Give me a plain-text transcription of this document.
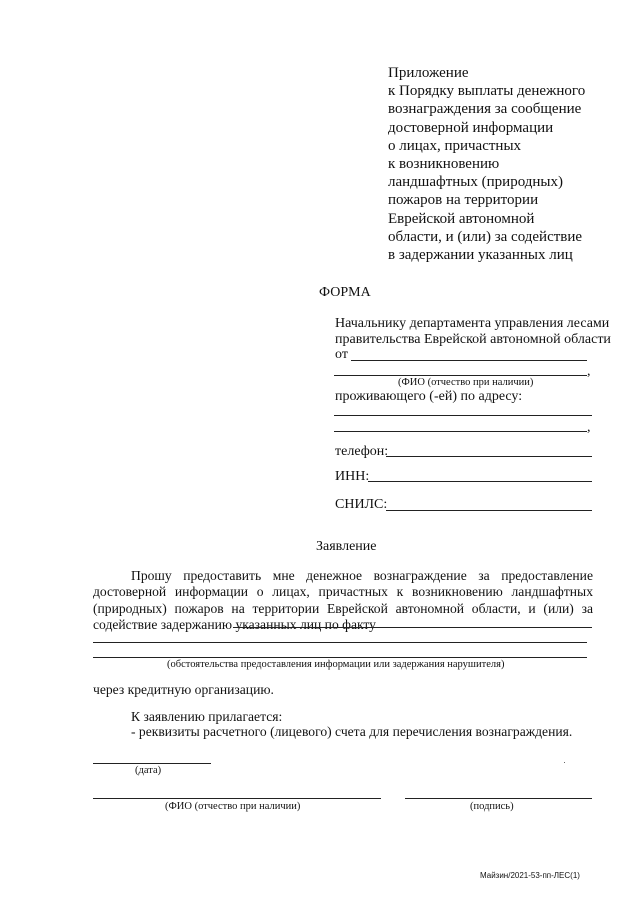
Приложение
к Порядку выплаты денежного
вознаграждения за сообщение
достоверной информации
о лицах, причастных
к возникновению
ландшафтных (природных)
пожаров на территории
Еврейской автономной
области, и (или) за содействие
в задержании указанных лиц
ФОРМА
Начальнику департамента управления лесами
правительства Еврейской автономной области
от
,
(ФИО (отчество при наличии)
проживающего (-ей) по адресу:
,
телефон:
ИНН:
СНИЛС:
Заявление

Прошу предоставить мне денежное вознаграждение за предоставление достоверной информации о лицах, причастных к возникновению ландшафтных (природных) пожаров на территории Еврейской автономной области, и (или) за содействие задержанию указанных лиц по факту

(обстоятельства предоставления информации или задержания нарушителя)
через кредитную организацию.
К заявлению прилагается:
- реквизиты расчетного (лицевого) счета для перечисления вознаграждения.
(дата)
(ФИО (отчество при наличии)	(подпись)
Майзин/2021-53-пп-ЛЕС(1)
